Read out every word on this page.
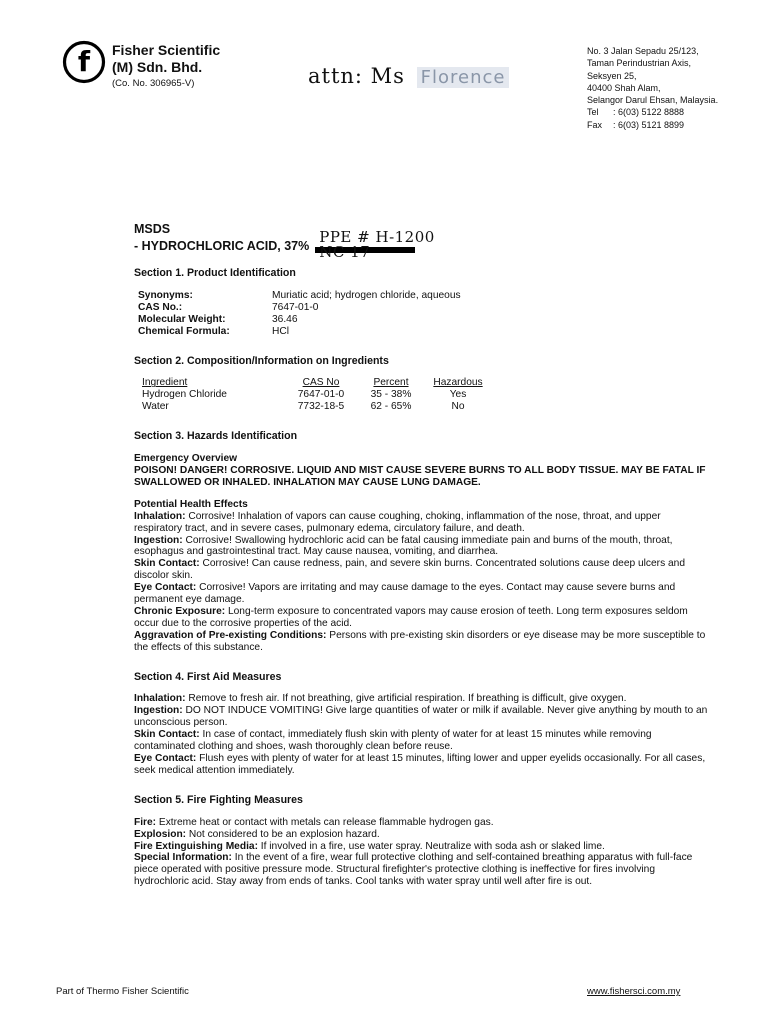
f Fisher Scientific
(M) Sdn. Bhd.
(Co. No. 306965-V)	attn: Ms Florence
No. 3 Jalan Sepadu 25/123,
Taman Perindustrian Axis,
Seksyen 25,
40400 Shah Alam,
Selangor Darul Ehsan, Malaysia.
Tel : 6(03) 5122 8888
Fax : 6(03) 5121 8899
MSDS
- HYDROCHLORIC ACID, 37% PPE # H-1200 NC 17
Section 1. Product Identification
Synonyms:	Muriatic acid; hydrogen chloride, aqueous
CAS No.:	7647-01-0
Molecular Weight:	36.46
Chemical Formula:	HCl
Section 2. Composition/Information on Ingredients
Ingredient	CAS No	Percent	Hazardous
Hydrogen Chloride	7647-01-0	35 - 38%	Yes
Water	7732-18-5	62 - 65%	No
Section 3. Hazards Identification
Emergency Overview

POISON! DANGER! CORROSIVE. LIQUID AND MIST CAUSE SEVERE BURNS TO ALL BODY TISSUE. MAY BE FATAL IF SWALLOWED OR INHALED. INHALATION MAY CAUSE LUNG DAMAGE.

Potential Health Effects

Inhalation: Corrosive! Inhalation of vapors can cause coughing, choking, inflammation of the nose, throat, and upper respiratory tract, and in severe cases, pulmonary edema, circulatory failure, and death.

Ingestion: Corrosive! Swallowing hydrochloric acid can be fatal causing immediate pain and burns of the mouth, throat, esophagus and gastrointestinal tract. May cause nausea, vomiting, and diarrhea.

Skin Contact: Corrosive! Can cause redness, pain, and severe skin burns. Concentrated solutions cause deep ulcers and discolor skin.

Eye Contact: Corrosive! Vapors are irritating and may cause damage to the eyes. Contact may cause severe burns and permanent eye damage.

Chronic Exposure: Long-term exposure to concentrated vapors may cause erosion of teeth. Long term exposures seldom occur due to the corrosive properties of the acid.

Aggravation of Pre-existing Conditions: Persons with pre-existing skin disorders or eye disease may be more susceptible to the effects of this substance.

Section 4. First Aid Measures

Inhalation: Remove to fresh air. If not breathing, give artificial respiration. If breathing is difficult, give oxygen.

Ingestion: DO NOT INDUCE VOMITING! Give large quantities of water or milk if available. Never give anything by mouth to an unconscious person.

Skin Contact: In case of contact, immediately flush skin with plenty of water for at least 15 minutes while removing contaminated clothing and shoes, wash thoroughly clean before reuse.

Eye Contact: Flush eyes with plenty of water for at least 15 minutes, lifting lower and upper eyelids occasionally. For all cases, seek medical attention immediately.

Section 5. Fire Fighting Measures

Fire: Extreme heat or contact with metals can release flammable hydrogen gas.

Explosion: Not considered to be an explosion hazard.

Fire Extinguishing Media: If involved in a fire, use water spray. Neutralize with soda ash or slaked lime.

Special Information: In the event of a fire, wear full protective clothing and self-contained breathing apparatus with full-face piece operated with positive pressure mode. Structural firefighter's protective clothing is ineffective for fires involving hydrochloric acid. Stay away from ends of tanks. Cool tanks with water spray until well after fire is out.

Part of Thermo Fisher Scientific	www.fishersci.com.my
